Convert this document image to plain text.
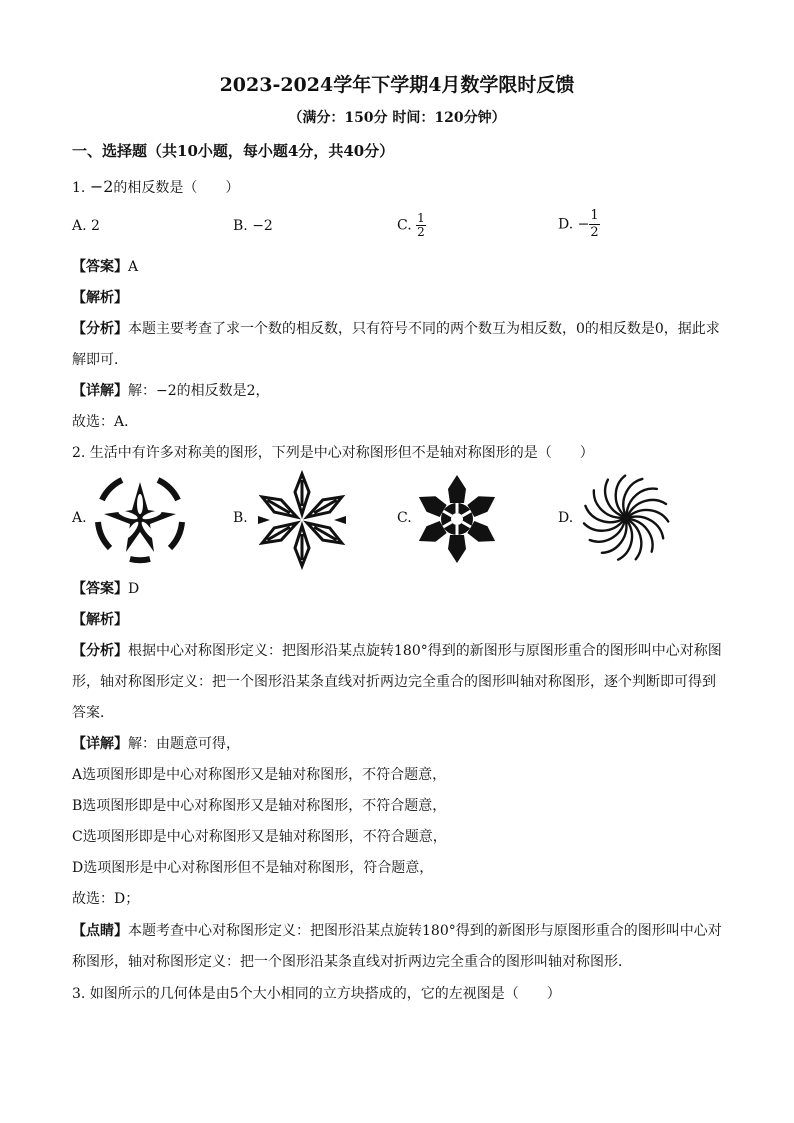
2023-2024学年下学期4月数学限时反馈
（满分：150分 时间：120分钟）
一、选择题（共10小题，每小题4分，共40分）
1. −2的相反数是（　　）
A. 2	B. −2	C. $\frac{1}{2}$	D. − $\frac{1}{2}$
【答案】A
【解析】
【分析】本题主要考查了求一个数的相反数，只有符号不同的两个数互为相反数，0的相反数是0，据此求
解即可．
【详解】解：−2的相反数是2，
故选：A．
2. 生活中有许多对称美的图形，下列是中心对称图形但不是轴对称图形的是（　　）
A.	B.	C.	D.
【答案】D
【解析】
【分析】根据中心对称图形定义：把图形沿某点旋转180°得到的新图形与原图形重合的图形叫中心对称图
形，轴对称图形定义：把一个图形沿某条直线对折两边完全重合的图形叫轴对称图形，逐个判断即可得到
答案．
【详解】解：由题意可得，
A选项图形即是中心对称图形又是轴对称图形，不符合题意，
B选项图形即是中心对称图形又是轴对称图形，不符合题意，
C选项图形即是中心对称图形又是轴对称图形，不符合题意，
D选项图形是中心对称图形但不是轴对称图形，符合题意，
故选：D；
【点睛】本题考查中心对称图形定义：把图形沿某点旋转180°得到的新图形与原图形重合的图形叫中心对
称图形，轴对称图形定义：把一个图形沿某条直线对折两边完全重合的图形叫轴对称图形．
3. 如图所示的几何体是由5个大小相同的立方块搭成的，它的左视图是（　　）
